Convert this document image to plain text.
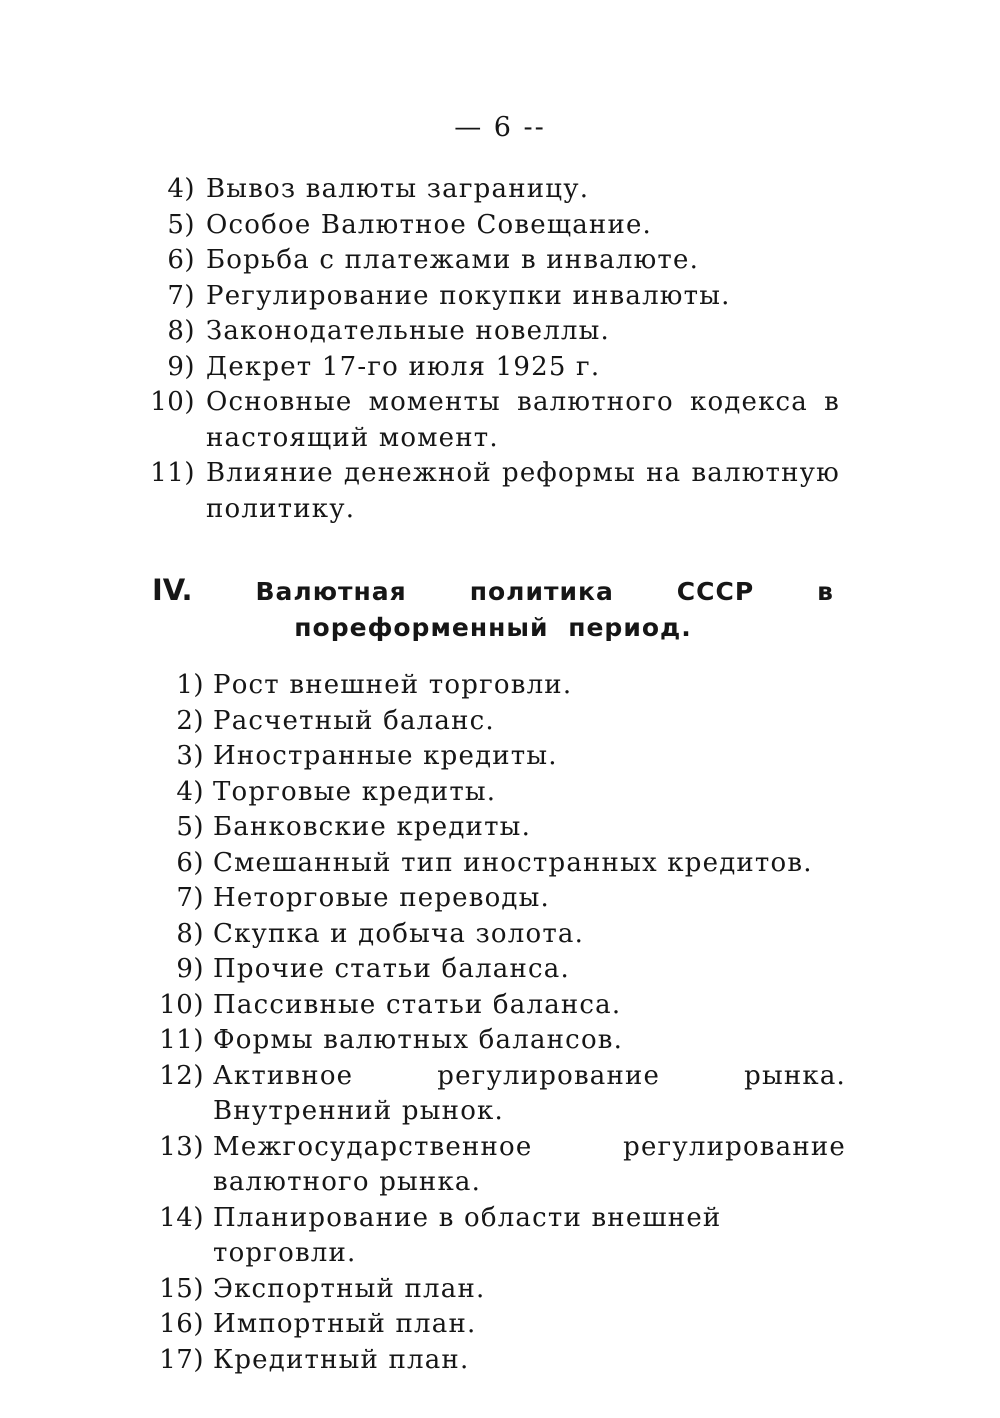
— 6 --
4) Вывоз валюты заграницу.
5) Особое Валютное Совещание.
6) Борьба с платежами в инвалюте.
7) Регулирование покупки инвалюты.
8) Законодательные новеллы.
9) Декрет 17-го июля 1925 г.
10) Основные моменты валютного кодекса в настоящий момент.
11) Влияние денежной реформы на валютную политику.
IV.	Валютная политика СССР в пореформенный период.
1) Рост внешней торговли.
2) Расчетный баланс.
3) Иностранные кредиты.
4) Торговые кредиты.
5) Банковские кредиты.
6) Смешанный тип иностранных кредитов.
7) Неторговые переводы.
8) Скупка и добыча золота.
9) Прочие статьи баланса.
10) Пассивные статьи баланса.
11) Формы валютных балансов.
12) Активное регулирование рынка. Внутренний рынок.
13) Межгосударственное регулирование валютного рынка.
14) Планирование в области внешней торговли.
15) Экспортный план.
16) Импортный план.
17) Кредитный план.
